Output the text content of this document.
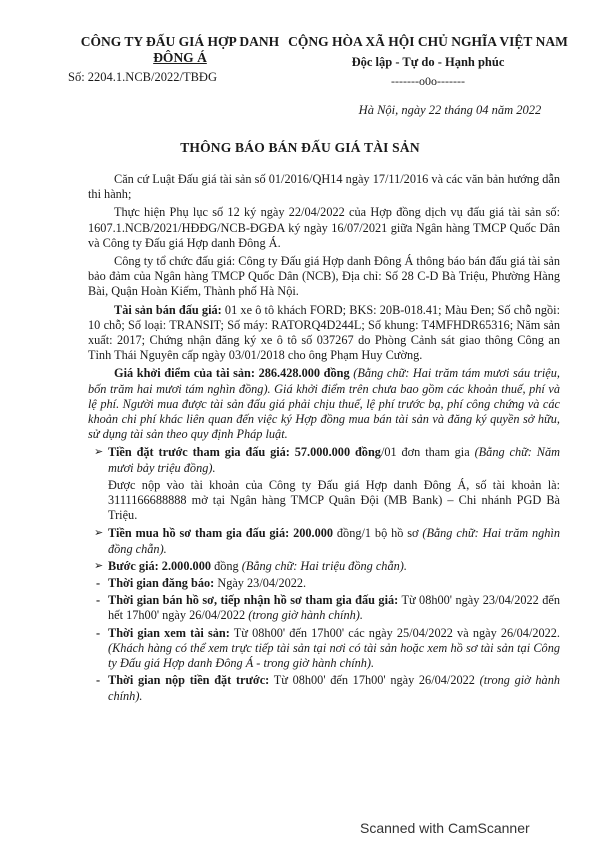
CÔNG TY ĐẤU GIÁ HỢP DANH
ĐÔNG Á
Số: 2204.1.NCB/2022/TBĐG
CỘNG HÒA XÃ HỘI CHỦ NGHĨA VIỆT NAM
Độc lập - Tự do - Hạnh phúc
-------o0o-------
Hà Nội, ngày 22 tháng 04 năm 2022
THÔNG BÁO BÁN ĐẤU GIÁ TÀI SẢN

Căn cứ Luật Đấu giá tài sản số 01/2016/QH14 ngày 17/11/2016 và các văn bản hướng dẫn thi hành;

Thực hiện Phụ lục số 12 ký ngày 22/04/2022 của Hợp đồng dịch vụ đấu giá tài sản số: 1607.1.NCB/2021/HĐĐG/NCB-ĐGĐA ký ngày 16/07/2021 giữa Ngân hàng TMCP Quốc Dân và Công ty Đấu giá Hợp danh Đông Á.

Công ty tổ chức đấu giá: Công ty Đấu giá Hợp danh Đông Á thông báo bán đấu giá tài sản bảo đảm của Ngân hàng TMCP Quốc Dân (NCB), Địa chỉ: Số 28 C-D Bà Triệu, Phường Hàng Bài, Quận Hoàn Kiếm, Thành phố Hà Nội.

Tài sản bán đấu giá: 01 xe ô tô khách FORD; BKS: 20B-018.41; Màu Đen; Số chỗ ngồi: 10 chỗ; Số loại: TRANSIT; Số máy: RATORQ4D244L; Số khung: T4MFHDR65316; Năm sản xuất: 2017; Chứng nhận đăng ký xe ô tô số 037267 do Phòng Cảnh sát giao thông Công an Tỉnh Thái Nguyên cấp ngày 03/01/2018 cho ông Phạm Huy Cường.

Giá khởi điểm của tài sản: 286.428.000 đồng (Bằng chữ: Hai trăm tám mươi sáu triệu, bốn trăm hai mươi tám nghìn đồng). Giá khởi điểm trên chưa bao gồm các khoản thuế, phí và lệ phí. Người mua được tài sản đấu giá phải chịu thuế, lệ phí trước bạ, phí công chứng và các khoản chi phí khác liên quan đến việc ký Hợp đồng mua bán tài sản và đăng ký quyền sở hữu, sử dụng tài sản theo quy định Pháp luật.

➢ Tiền đặt trước tham gia đấu giá: 57.000.000 đồng/01 đơn tham gia (Bằng chữ: Năm mươi bảy triệu đồng).
Được nộp vào tài khoản của Công ty Đấu giá Hợp danh Đông Á, số tài khoản là: 3111166688888 mở tại Ngân hàng TMCP Quân Đội (MB Bank) – Chi nhánh PGD Bà Triệu.
➢ Tiền mua hồ sơ tham gia đấu giá: 200.000 đồng/1 bộ hồ sơ (Bằng chữ: Hai trăm nghìn đồng chẵn).
➢ Bước giá: 2.000.000 đồng (Bằng chữ: Hai triệu đồng chẵn).
- Thời gian đăng báo: Ngày 23/04/2022.
- Thời gian bán hồ sơ, tiếp nhận hồ sơ tham gia đấu giá: Từ 08h00' ngày 23/04/2022 đến hết 17h00' ngày 26/04/2022 (trong giờ hành chính).
- Thời gian xem tài sản: Từ 08h00' đến 17h00' các ngày 25/04/2022 và ngày 26/04/2022. (Khách hàng có thể xem trực tiếp tài sản tại nơi có tài sản hoặc xem hồ sơ tài sản tại Công ty Đấu giá Hợp danh Đông Á - trong giờ hành chính).
- Thời gian nộp tiền đặt trước: Từ 08h00' đến 17h00' ngày 26/04/2022 (trong giờ hành chính).
Scanned with CamScanner
